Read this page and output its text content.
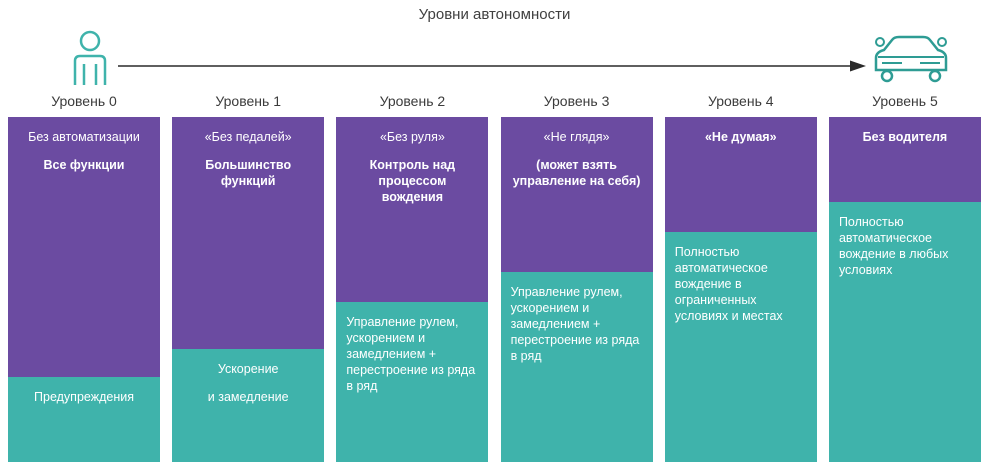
Уровни автономности
Уровень 0

Без автоматизации

Все функции

Предупреждения

Уровень 1

«Без педалей»

Большинство функций

Ускорение

и замедление

Уровень 2

«Без руля»

Контроль над процессом вождения

Управление рулем, ускорением и замедлением + перестроение из ряда в ряд

Уровень 3

«Не глядя»

(может взять управление на себя)

Управление рулем, ускорением и замедлением + перестроение из ряда в ряд

Уровень 4

«Не думая»

Полностью автоматическое вождение в ограниченных условиях и местах

Уровень 5

Без водителя

Полностью автоматическое вождение в любых условиях
